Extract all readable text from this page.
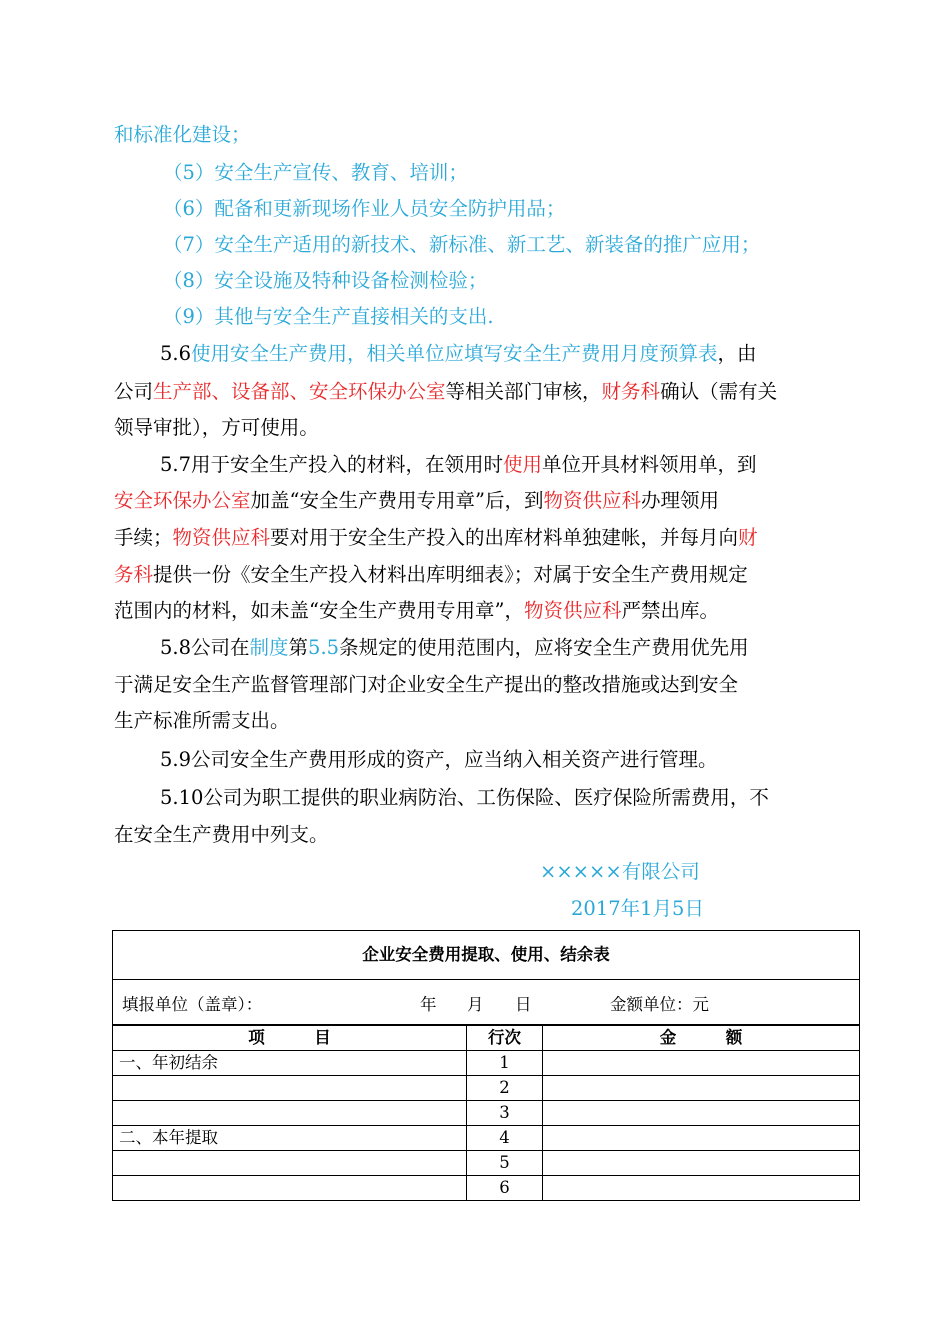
和标准化建设；
（5）安全生产宣传、教育、培训；
（6）配备和更新现场作业人员安全防护用品；
（7）安全生产适用的新技术、新标准、新工艺、新装备的推广应用；
（8）安全设施及特种设备检测检验；
（9）其他与安全生产直接相关的支出.
5.6使用安全生产费用，相关单位应填写安全生产费用月度预算表，由
公司生产部、设备部、安全环保办公室等相关部门审核，财务科确认（需有关
领导审批），方可使用。
5.7用于安全生产投入的材料，在领用时使用单位开具材料领用单，到
安全环保办公室加盖“安全生产费用专用章”后，到物资供应科办理领用
手续；物资供应科要对用于安全生产投入的出库材料单独建帐，并每月向财
务科提供一份《安全生产投入材料出库明细表》；对属于安全生产费用规定
范围内的材料，如未盖“安全生产费用专用章”，物资供应科严禁出库。
5.8公司在制度第5.5条规定的使用范围内，应将安全生产费用优先用
于满足安全生产监督管理部门对企业安全生产提出的整改措施或达到安全
生产标准所需支出。
5.9公司安全生产费用形成的资产，应当纳入相关资产进行管理。
5.10公司为职工提供的职业病防治、工伤保险、医疗保险所需费用，不
在安全生产费用中列支。
×××××有限公司
2017年1月5日
企业安全费用提取、使用、结余表
填报单位（盖章）：	年 月 日	金额单位：元
项　　　目	行次	金　　　额
一、年初结余	1	
	2	
	3	
二、本年提取	4	
	5	
	6	
